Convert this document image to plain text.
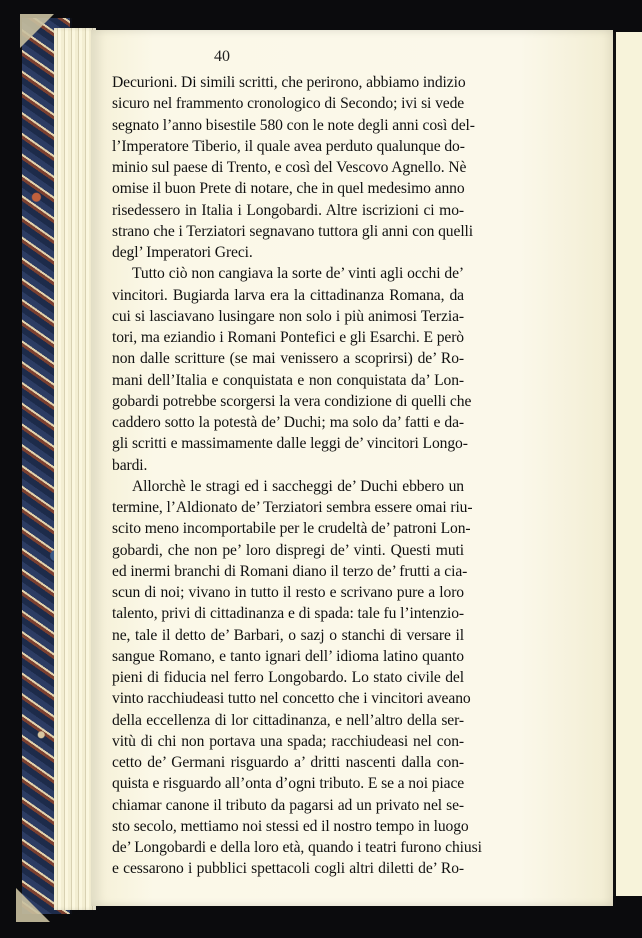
40
Decurioni. Di simili scritti, che perirono, abbiamo indizio
sicuro nel frammento cronologico di Secondo; ivi si vede
segnato l’anno bisestile 580 con le note degli anni così del-
l’Imperatore Tiberio, il quale avea perduto qualunque do-
minio sul paese di Trento, e così del Vescovo Agnello. Nè
omise il buon Prete di notare, che in quel medesimo anno
risedessero in Italia i Longobardi. Altre iscrizioni ci mo-
strano che i Terziatori segnavano tuttora gli anni con quelli
degl’ Imperatori Greci.
Tutto ciò non cangiava la sorte de’ vinti agli occhi de’
vincitori. Bugiarda larva era la cittadinanza Romana, da
cui si lasciavano lusingare non solo i più animosi Terzia-
tori, ma eziandio i Romani Pontefici e gli Esarchi. E però
non dalle scritture (se mai venissero a scoprirsi) de’ Ro-
mani dell’Italia e conquistata e non conquistata da’ Lon-
gobardi potrebbe scorgersi la vera condizione di quelli che
caddero sotto la potestà de’ Duchi; ma solo da’ fatti e da-
gli scritti e massimamente dalle leggi de’ vincitori Longo-
bardi.
Allorchè le stragi ed i saccheggi de’ Duchi ebbero un
termine, l’Aldionato de’ Terziatori sembra essere omai riu-
scito meno incomportabile per le crudeltà de’ patroni Lon-
gobardi, che non pe’ loro dispregi de’ vinti. Questi muti
ed inermi branchi di Romani diano il terzo de’ frutti a cia-
scun di noi; vivano in tutto il resto e scrivano pure a loro
talento, privi di cittadinanza e di spada: tale fu l’intenzio-
ne, tale il detto de’ Barbari, o sazj o stanchi di versare il
sangue Romano, e tanto ignari dell’ idioma latino quanto
pieni di fiducia nel ferro Longobardo. Lo stato civile del
vinto racchiudeasi tutto nel concetto che i vincitori aveano
della eccellenza di lor cittadinanza, e nell’altro della ser-
vitù di chi non portava una spada; racchiudeasi nel con-
cetto de’ Germani risguardo a’ dritti nascenti dalla con-
quista e risguardo all’onta d’ogni tributo. E se a noi piace
chiamar canone il tributo da pagarsi ad un privato nel se-
sto secolo, mettiamo noi stessi ed il nostro tempo in luogo
de’ Longobardi e della loro età, quando i teatri furono chiusi
e cessarono i pubblici spettacoli cogli altri diletti de’ Ro-
